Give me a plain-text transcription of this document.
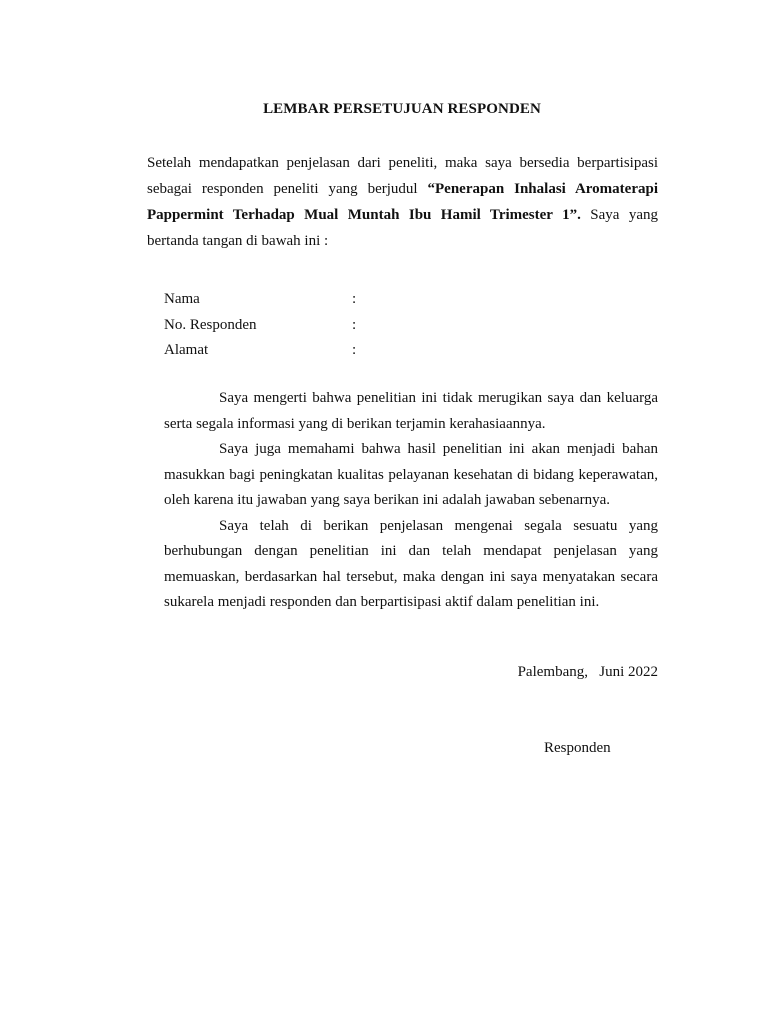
LEMBAR PERSETUJUAN RESPONDEN

Setelah mendapatkan penjelasan dari peneliti, maka saya bersedia berpartisipasi sebagai responden peneliti yang berjudul “Penerapan Inhalasi Aromaterapi Pappermint Terhadap Mual Muntah Ibu Hamil Trimester 1”. Saya yang bertanda tangan di bawah ini :

Nama	:
No. Responden	:
Alamat	:

Saya mengerti bahwa penelitian ini tidak merugikan saya dan keluarga serta segala informasi yang di berikan terjamin kerahasiaannya.

Saya juga memahami bahwa hasil penelitian ini akan menjadi bahan masukkan bagi peningkatan kualitas pelayanan kesehatan di bidang keperawatan, oleh karena itu jawaban yang saya berikan ini adalah jawaban sebenarnya.

Saya telah di berikan penjelasan mengenai segala sesuatu yang berhubungan dengan penelitian ini dan telah mendapat penjelasan yang memuaskan, berdasarkan hal tersebut, maka dengan ini saya menyatakan secara sukarela menjadi responden dan berpartisipasi aktif dalam penelitian ini.

Palembang,   Juni 2022
Responden
